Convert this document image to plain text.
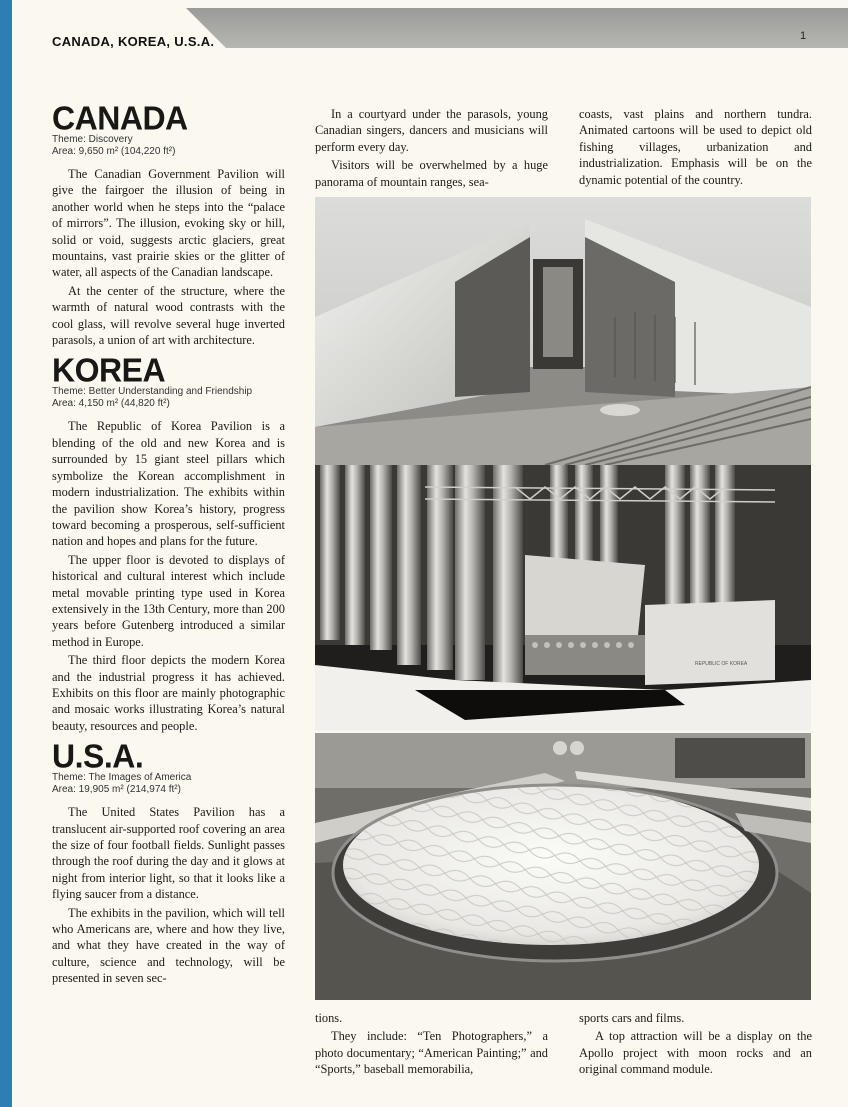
CANADA, KOREA, U.S.A.	1
CANADA
Theme: Discovery
Area: 9,650 m² (104,220 ft²)

The Canadian Government Pavilion will give the fairgoer the illusion of being in another world when he steps into the “palace of mirrors”. The illusion, evoking sky or hill, solid or void, suggests arctic glaciers, great mountains, vast prairie skies or the glitter of water, all aspects of the Canadian landscape.

At the center of the structure, where the warmth of natural wood contrasts with the cool glass, will revolve several huge inverted parasols, a union of art with architecture.

KOREA
Theme: Better Understanding and Friendship
Area: 4,150 m² (44,820 ft²)

The Republic of Korea Pavilion is a blending of the old and new Korea and is surrounded by 15 giant steel pillars which symbolize the Korean accomplishment in modern industrialization. The exhibits within the pavilion show Korea’s history, progress toward becoming a prosperous, self-sufficient nation and hopes and plans for the future.

The upper floor is devoted to displays of historical and cultural interest which include metal movable printing type used in Korea extensively in the 13th Century, more than 200 years before Gutenberg introduced a similar method in Europe.

The third floor depicts the modern Korea and the industrial progress it has achieved. Exhibits on this floor are mainly photographic and mosaic works illustrating Korea’s natural beauty, resources and people.

U.S.A.
Theme: The Images of America
Area: 19,905 m² (214,974 ft²)

The United States Pavilion has a translucent air-supported roof covering an area the size of four football fields. Sunlight passes through the roof during the day and it glows at night from interior light, so that it looks like a flying saucer from a distance.

The exhibits in the pavilion, which will tell who Americans are, where and how they live, and what they have created in the way of culture, science and technology, will be presented in seven sec-

In a courtyard under the parasols, young Canadian singers, dancers and musicians will perform every day.

Visitors will be overwhelmed by a huge panorama of mountain ranges, sea-

coasts, vast plains and northern tundra. Animated cartoons will be used to depict old fishing villages, urbanization and industrialization. Emphasis will be on the dynamic potential of the country.

REPUBLIC OF KOREA

tions.

They include: “Ten Photographers,” a photo documentary; “American Painting;” and “Sports,” baseball memorabilia,

sports cars and films.

A top attraction will be a display on the Apollo project with moon rocks and an original command module.
